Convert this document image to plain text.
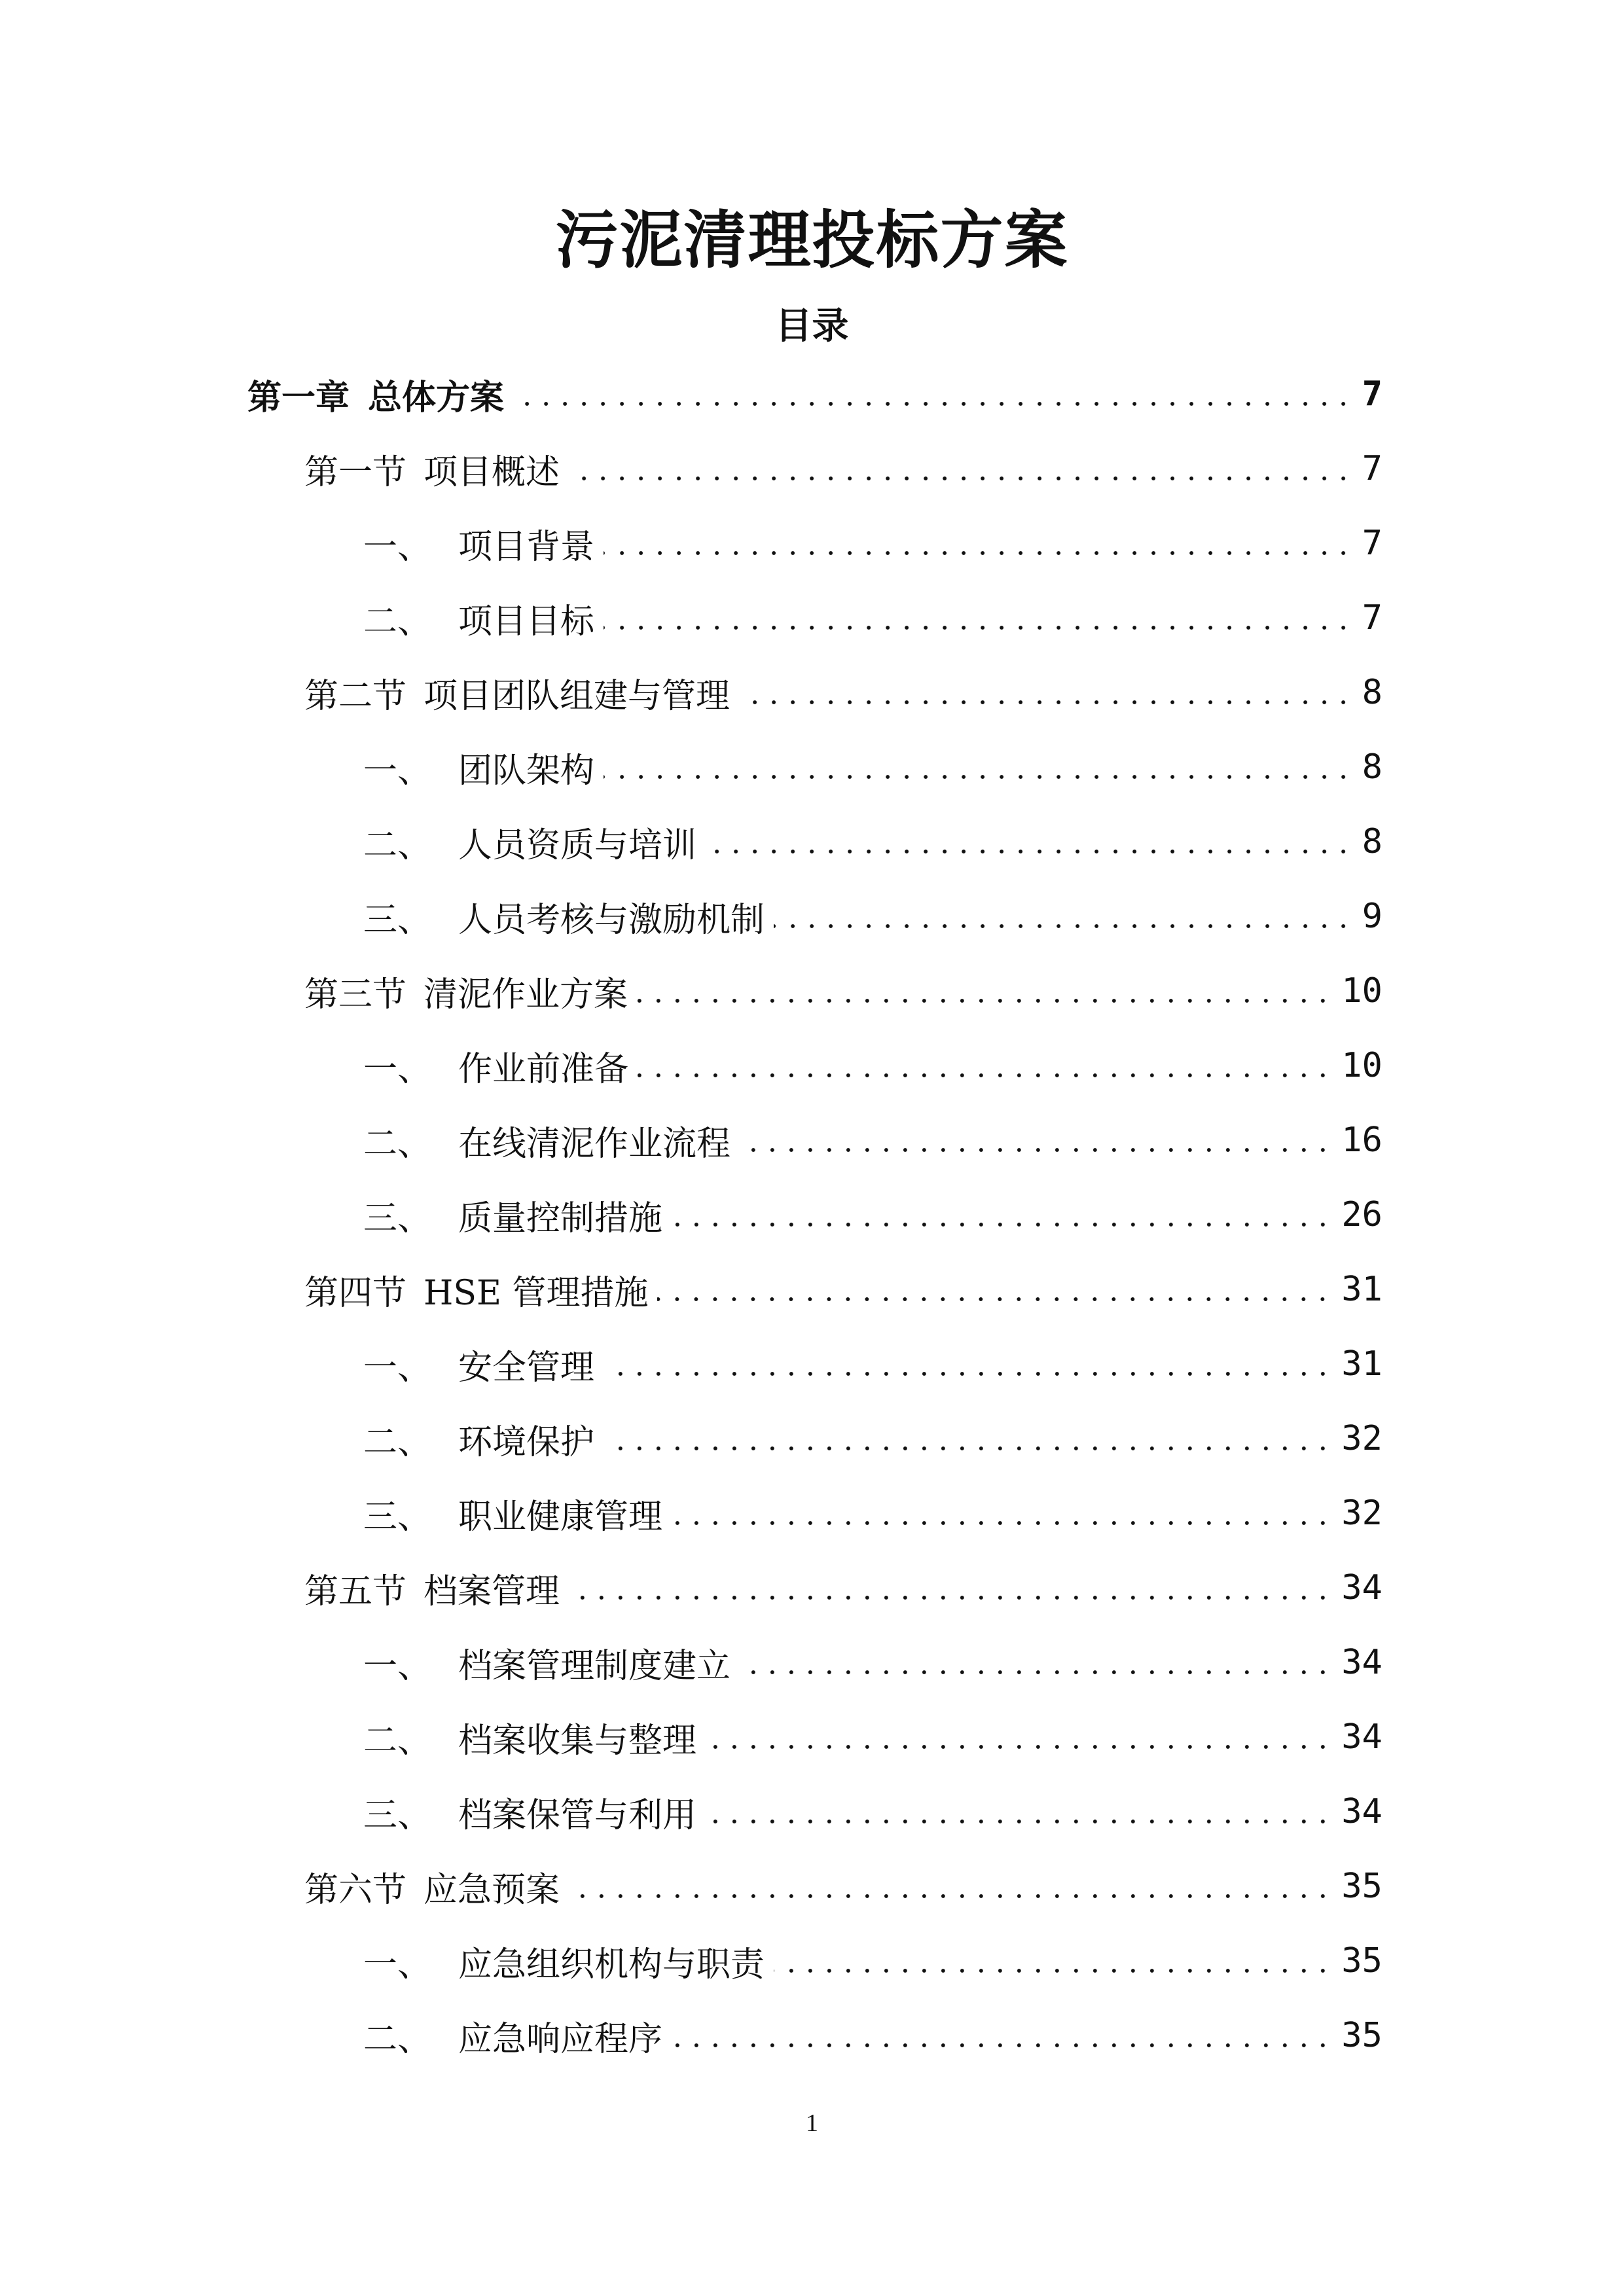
污泥清理投标方案
目录
第一章 总体方案	7
第一节 项目概述	7
一、 项目背景	7
二、 项目目标	7
第二节 项目团队组建与管理	8
一、 团队架构	8
二、 人员资质与培训	8
三、 人员考核与激励机制	9
第三节 清泥作业方案	10
一、 作业前准备	10
二、 在线清泥作业流程	16
三、 质量控制措施	26
第四节 HSE 管理措施	31
一、 安全管理	31
二、 环境保护	32
三、 职业健康管理	32
第五节 档案管理	34
一、 档案管理制度建立	34
二、 档案收集与整理	34
三、 档案保管与利用	34
第六节 应急预案	35
一、 应急组织机构与职责	35
二、 应急响应程序	35

1
